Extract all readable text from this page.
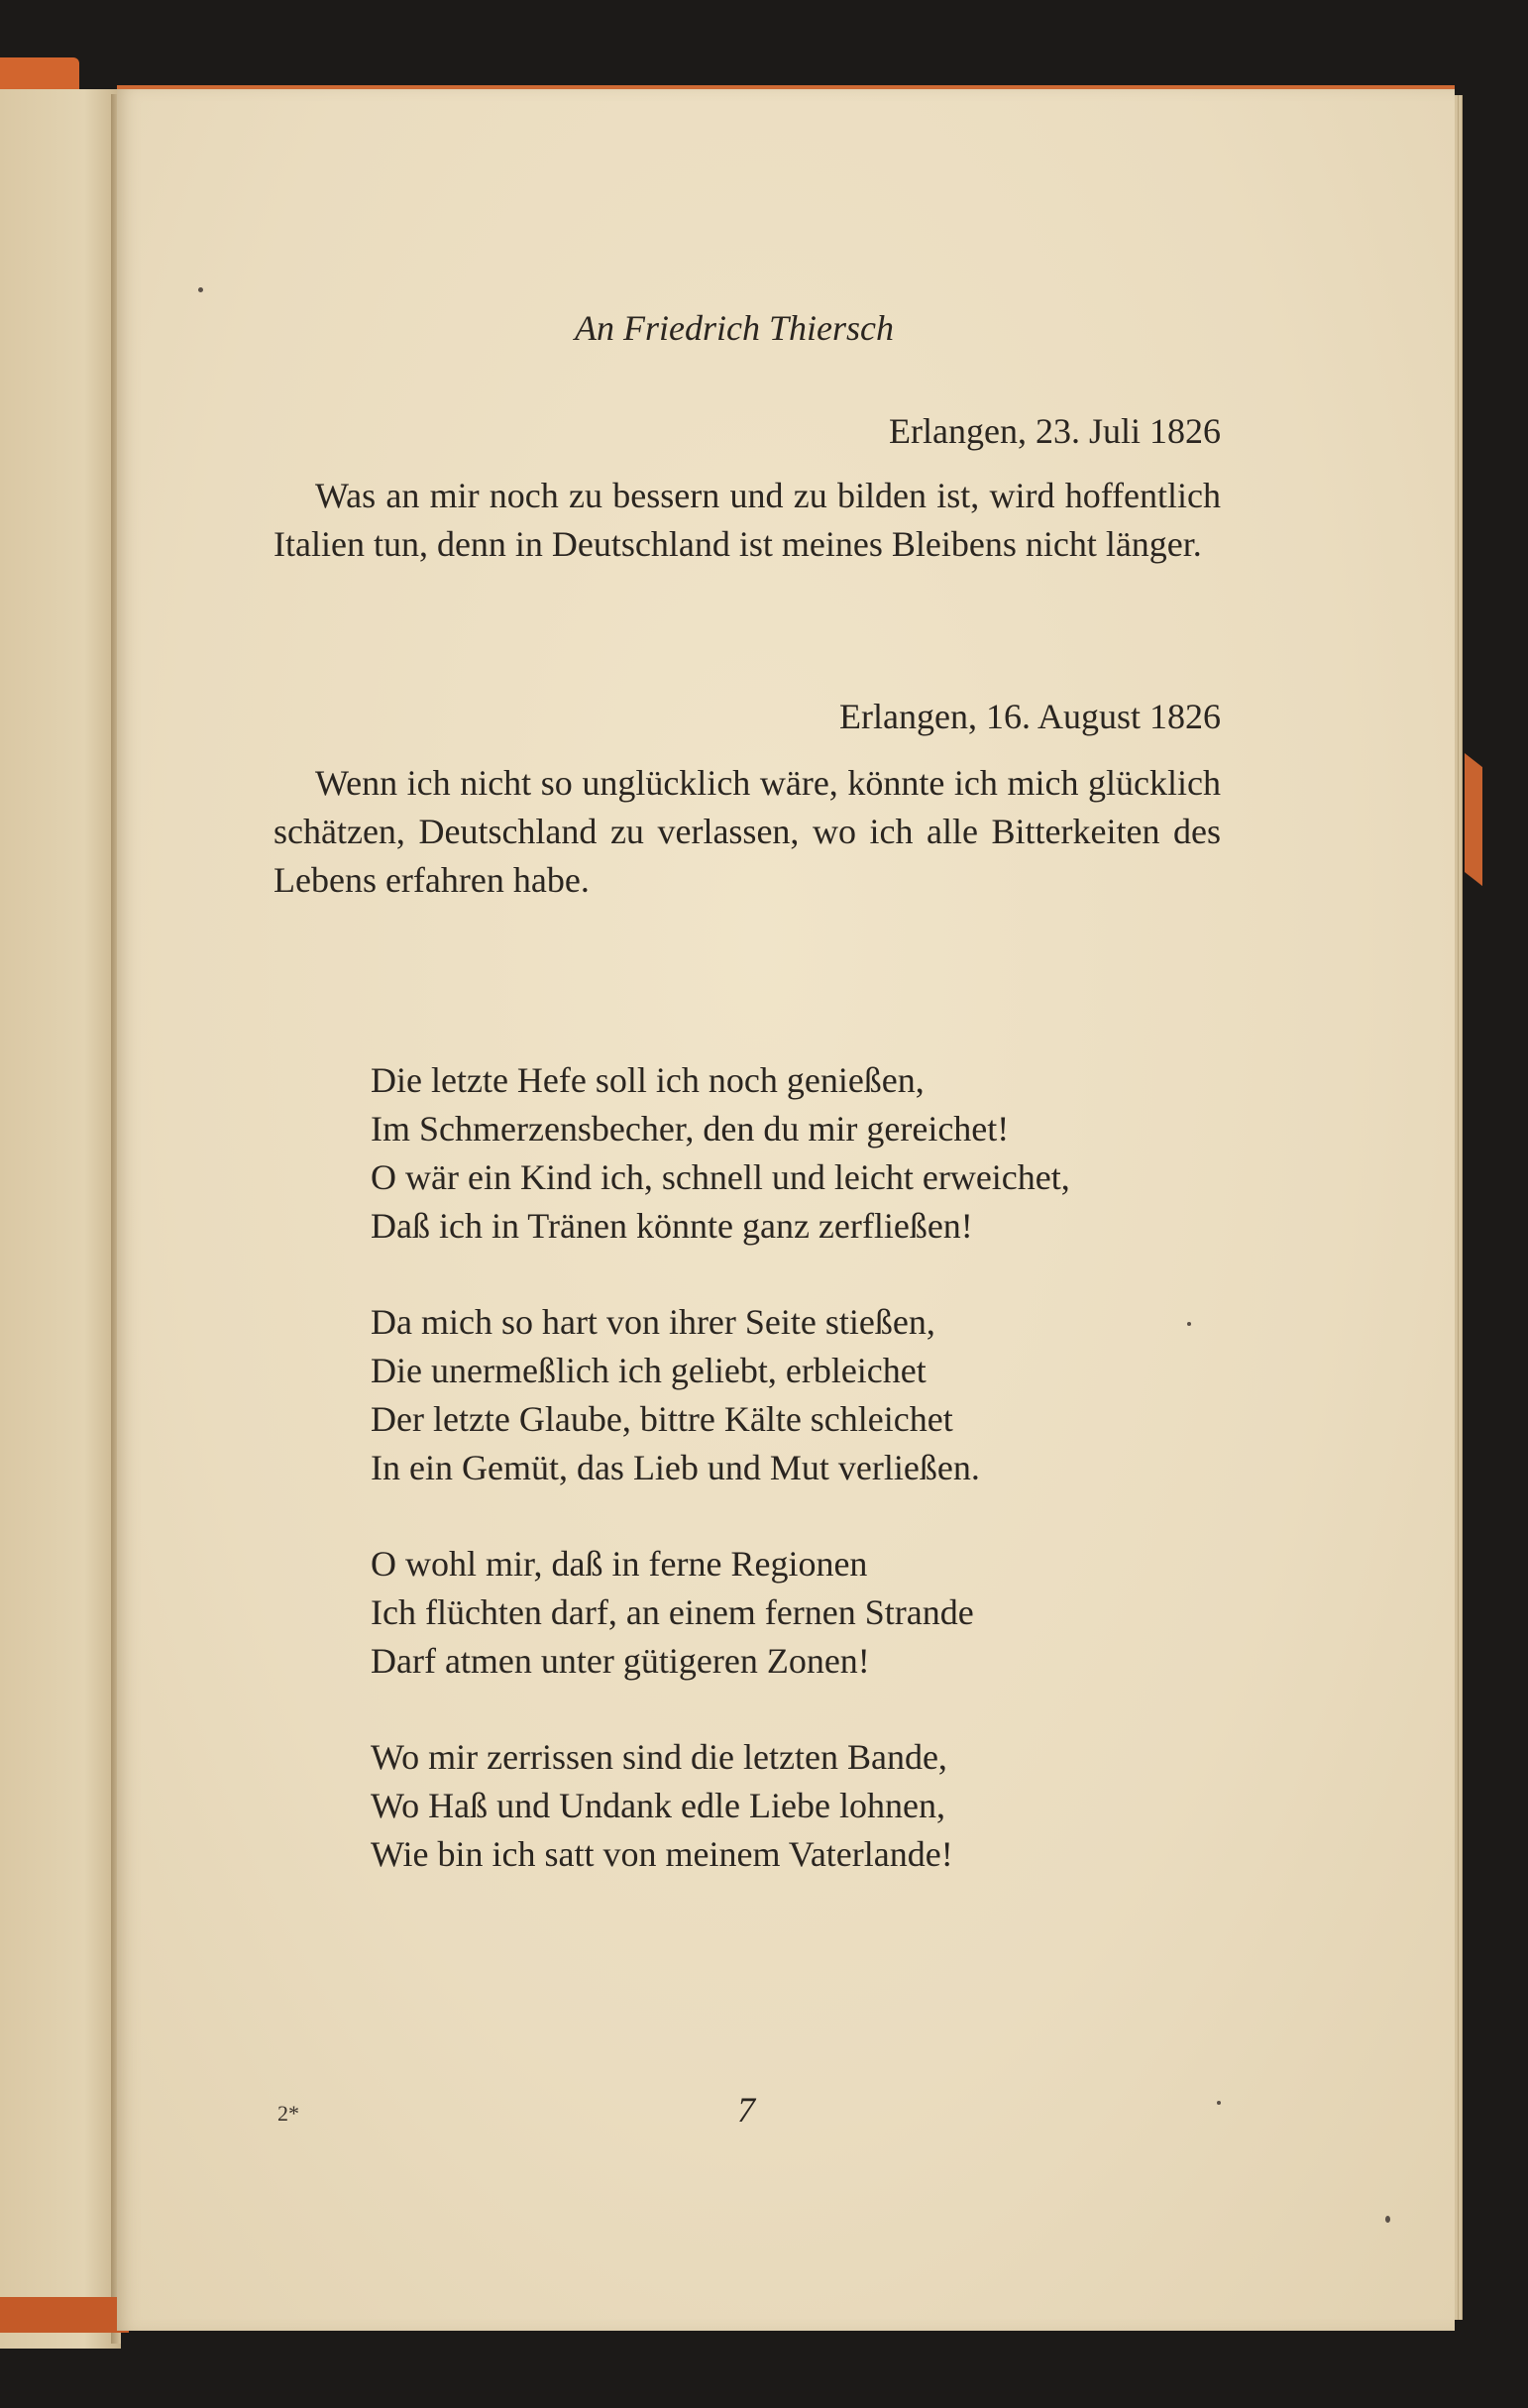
An Friedrich Thiersch
Erlangen, 23. Juli 1826

Was an mir noch zu bessern und zu bilden ist, wird hoffentlich Italien tun, denn in Deutschland ist meines Bleibens nicht länger.

Erlangen, 16. August 1826

Wenn ich nicht so unglücklich wäre, könnte ich mich glücklich schätzen, Deutschland zu verlassen, wo ich alle Bitterkeiten des Lebens erfahren habe.

Die letzte Hefe soll ich noch genießen,
Im Schmerzensbecher, den du mir gereichet!
O wär ein Kind ich, schnell und leicht erweichet,
Daß ich in Tränen könnte ganz zerfließen!
Da mich so hart von ihrer Seite stießen,
Die unermeßlich ich geliebt, erbleichet
Der letzte Glaube, bittre Kälte schleichet
In ein Gemüt, das Lieb und Mut verließen.
O wohl mir, daß in ferne Regionen
Ich flüchten darf, an einem fernen Strande
Darf atmen unter gütigeren Zonen!
Wo mir zerrissen sind die letzten Bande,
Wo Haß und Undank edle Liebe lohnen,
Wie bin ich satt von meinem Vaterlande!
2*	7
